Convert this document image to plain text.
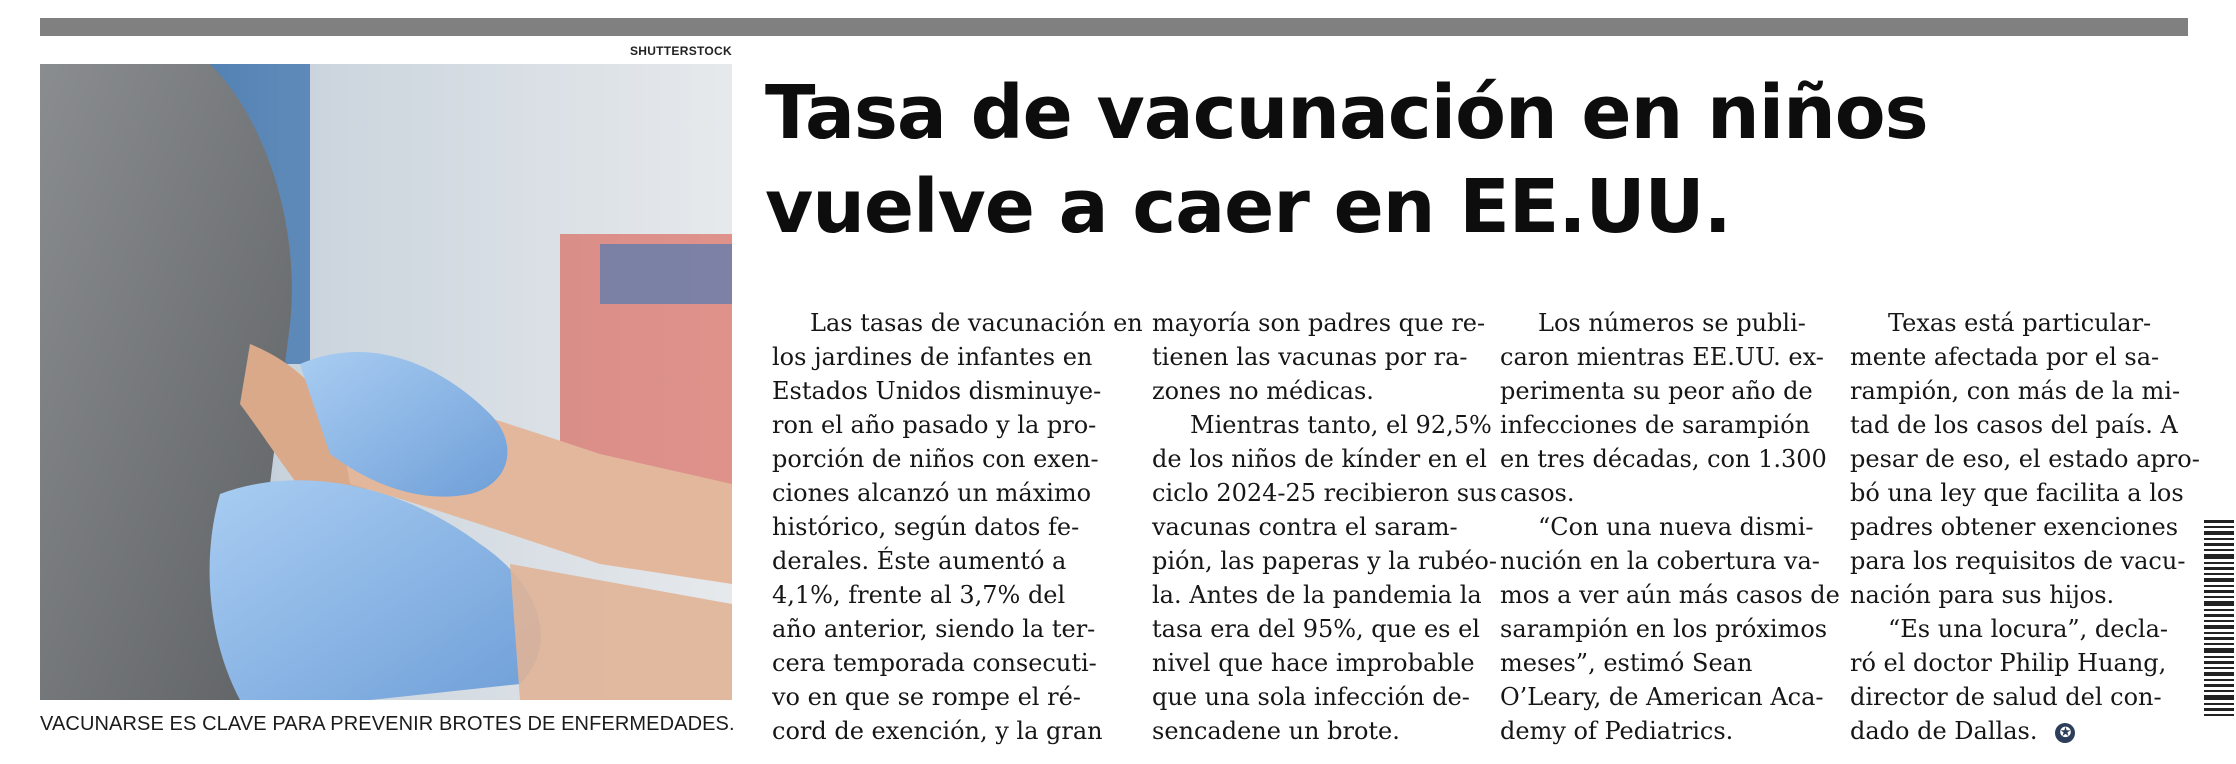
SHUTTERSTOCK
VACUNARSE ES CLAVE PARA PREVENIR BROTES DE ENFERMEDADES.
Tasa de vacunación en niños
vuelve a caer en EE.UU.
Las tasas de vacunación en
los jardines de infantes en
Estados Unidos disminuye-
ron el año pasado y la pro-
porción de niños con exen-
ciones alcanzó un máximo
histórico, según datos fe-
derales. Éste aumentó a
4,1%, frente al 3,7% del
año anterior, siendo la ter-
cera temporada consecuti-
vo en que se rompe el ré-
cord de exención, y la gran
mayoría son padres que re-
tienen las vacunas por ra-
zones no médicas.
Mientras tanto, el 92,5%
de los niños de kínder en el
ciclo 2024-25 recibieron sus
vacunas contra el saram-
pión, las paperas y la rubéo-
la. Antes de la pandemia la
tasa era del 95%, que es el
nivel que hace improbable
que una sola infección de-
sencadene un brote.
Los números se publi-
caron mientras EE.UU. ex-
perimenta su peor año de
infecciones de sarampión
en tres décadas, con 1.300
casos.
“Con una nueva dismi-
nución en la cobertura va-
mos a ver aún más casos de
sarampión en los próximos
meses”, estimó Sean
O’Leary, de American Aca-
demy of Pediatrics.
Texas está particular-
mente afectada por el sa-
rampión, con más de la mi-
tad de los casos del país. A
pesar de eso, el estado apro-
bó una ley que facilita a los
padres obtener exenciones
para los requisitos de vacu-
nación para sus hijos.
“Es una locura”, decla-
ró el doctor Philip Huang,
director de salud del con-
dado de Dallas. ✪
